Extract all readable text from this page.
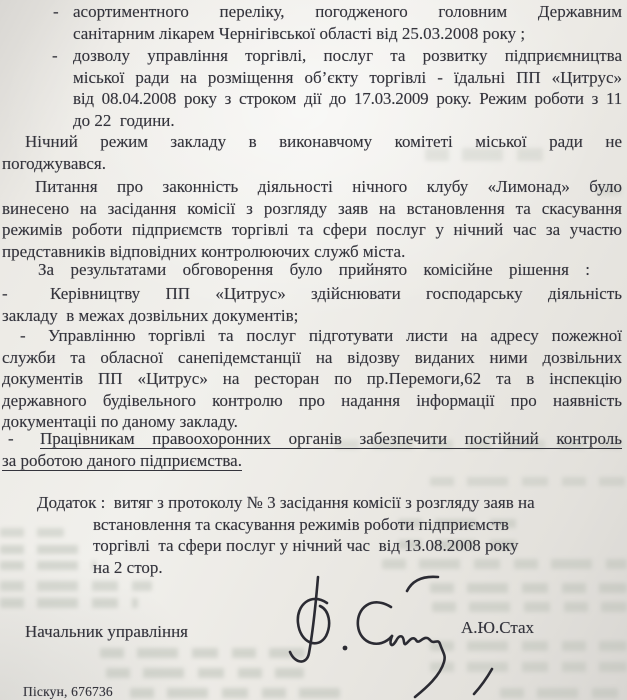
- асортиментного переліку, погодженого головним Державним
санітарним лікарем Чернігівської області від 25.03.2008 року ;
- дозволу управління торгівлі, послуг та розвитку підприємництва
міської ради на розміщення об’єкту торгівлі - їдальні ПП «Цитрус»
від 08.04.2008 року з строком дії до 17.03.2009 року. Режим роботи з 11
до 22  години.
Нічний режим закладу в виконавчому комітеті міської ради не
погоджувався.
Питання про законність діяльності нічного клубу «Лимонад» було
винесено на засідання комісії з розгляду заяв на встановлення та скасування
режимів роботи підприємств торгівлі та сфери послуг у нічний час за участю
представників відповідних контролюючих служб міста.
За результатами обговорення було прийнято комісійне рішення :
-	Керівництву ПП «Цитрус» здійснювати господарську діяльність
закладу  в межах дозвільних документів;
-	Управлінню торгівлі та послуг підготувати листи на адресу пожежної
служби та обласної санепідемстанції на відозву виданих ними дозвільних
документів ПП «Цитрус» на ресторан по пр.Перемоги,62 та в інспекцію
державного будівельного контролю про надання інформації про наявність
документаціі по даному закладу.
-	Працівникам правоохоронних органів забезпечити постійний контроль
за роботою даного підприємства.
Додаток :  витяг з протоколу № 3 засідання комісії з розгляду заяв на
встановлення та скасування режимів роботи підприємств
торгівлі  та сфери послуг у нічний час  від 13.08.2008 року
на 2 стор.
Начальник управління	А.Ю.Стах
Піскун, 676736
